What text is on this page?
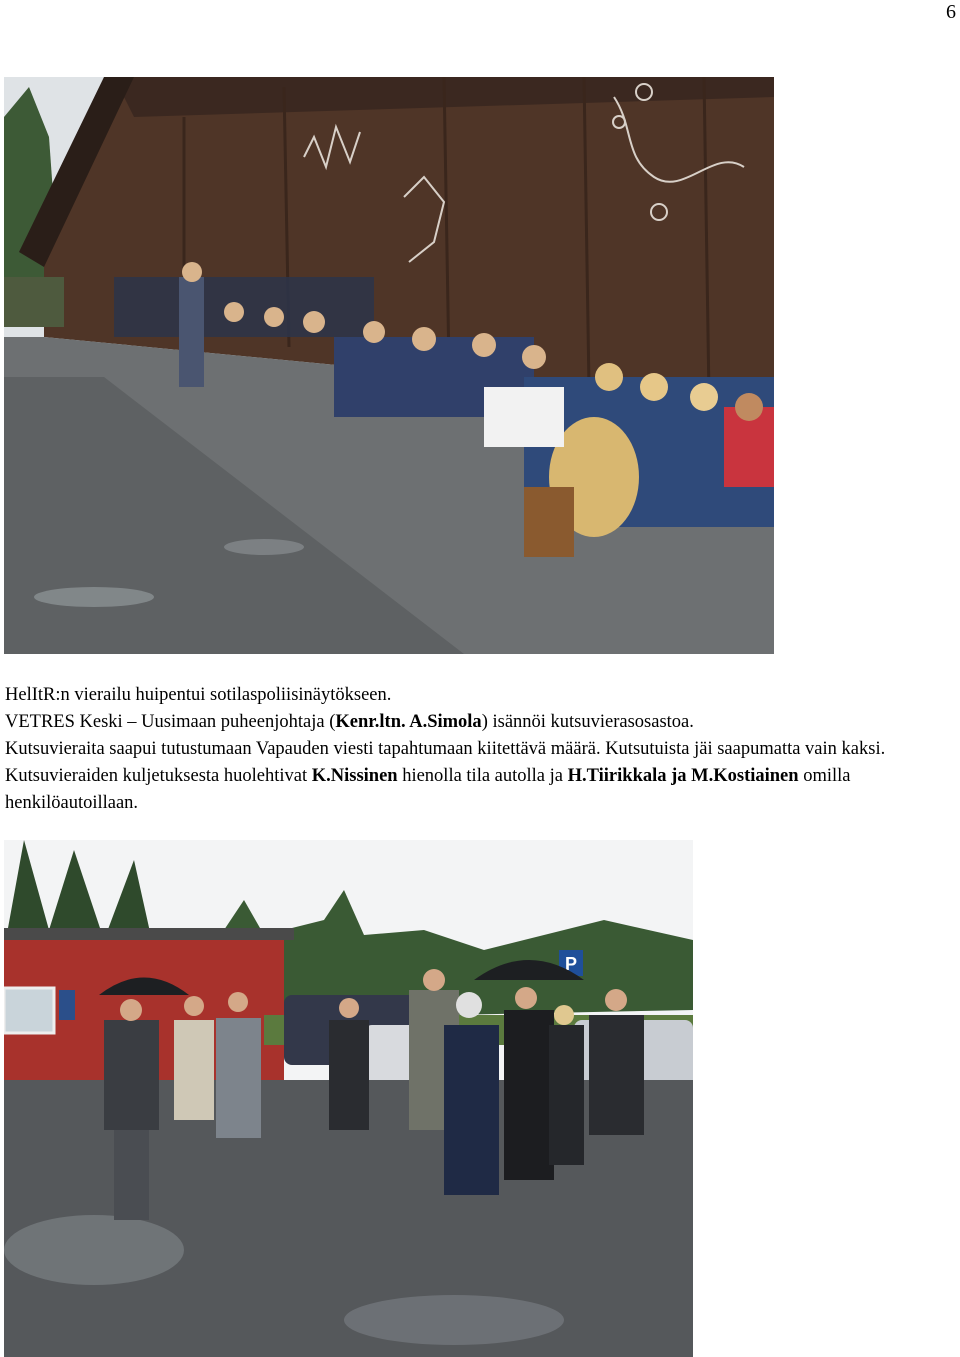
6

HelItR:n vierailu huipentui sotilaspoliisinäytökseen.

VETRES Keski – Uusimaan puheenjohtaja (Kenr.ltn. A.Simola) isännöi kutsuvierasosastoa.

Kutsuvieraita saapui tutustumaan Vapauden viesti tapahtumaan kiitettävä määrä. Kutsutuista jäi saapumatta vain kaksi. Kutsuvieraiden kuljetuksesta huolehtivat K.Nissinen hienolla tila autolla ja H.Tiirikkala ja M.Kostiainen omilla henkilöautoillaan.

P
